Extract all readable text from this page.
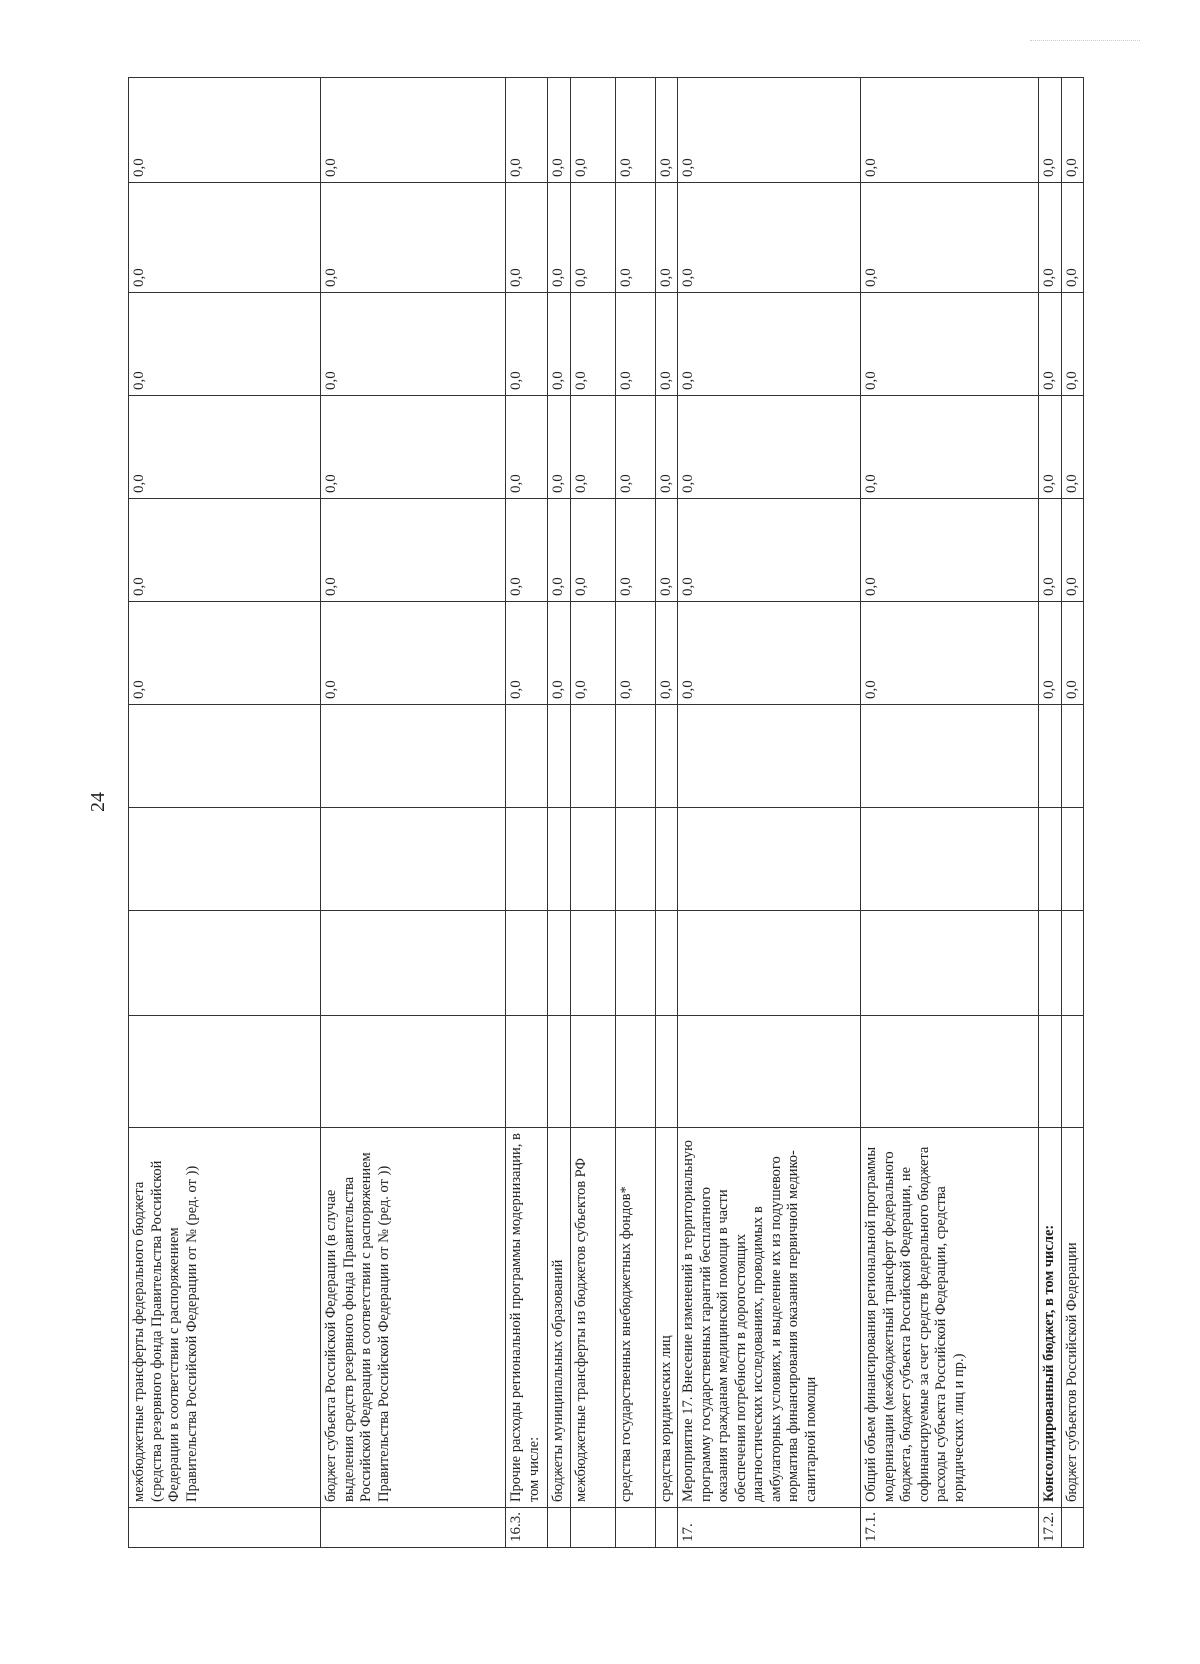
24
	межбюджетные трансферты федерального бюджета (средства резервного фонда Правительства Российской Федерации в соответствии с распоряжением Правительства Российской Федерации от № (ред. от ))					0,0	0,0	0,0	0,0	0,0	0,0
	бюджет субъекта Российской Федерации (в случае выделения средств резервного фонда Правительства Российской Федерации в соответствии с распоряжением Правительства Российской Федерации от № (ред. от ))					0,0	0,0	0,0	0,0	0,0	0,0
16.3.	Прочие расходы региональной программы модернизации, в том числе:					0,0	0,0	0,0	0,0	0,0	0,0
	бюджеты муниципальных образований					0,0	0,0	0,0	0,0	0,0	0,0
	межбюджетные трансферты из бюджетов субъектов РФ					0,0	0,0	0,0	0,0	0,0	0,0
	средства государственных внебюджетных фондов*					0,0	0,0	0,0	0,0	0,0	0,0
	средства юридических лиц					0,0	0,0	0,0	0,0	0,0	0,0
17.	Мероприятие 17. Внесение изменений в территориальную программу государственных гарантий бесплатного оказания гражданам медицинской помощи в части обеспечения потребности в дорогостоящих диагностических исследованиях, проводимых в амбулаторных условиях, и выделение их из подушевого норматива финансирования оказания первичной медико-санитарной помощи					0,0	0,0	0,0	0,0	0,0	0,0
17.1.	Общий объем финансирования региональной программы модернизации (межбюджетный трансферт федерального бюджета, бюджет субъекта Российской Федерации, не софинансируемые за счет средств федерального бюджета расходы субъекта Российской Федерации, средства юридических лиц и пр.)					0,0	0,0	0,0	0,0	0,0	0,0
17.2.	Консолидированный бюджет, в том числе:					0,0	0,0	0,0	0,0	0,0	0,0
	бюджет субъектов Российской Федерации					0,0	0,0	0,0	0,0	0,0	0,0
